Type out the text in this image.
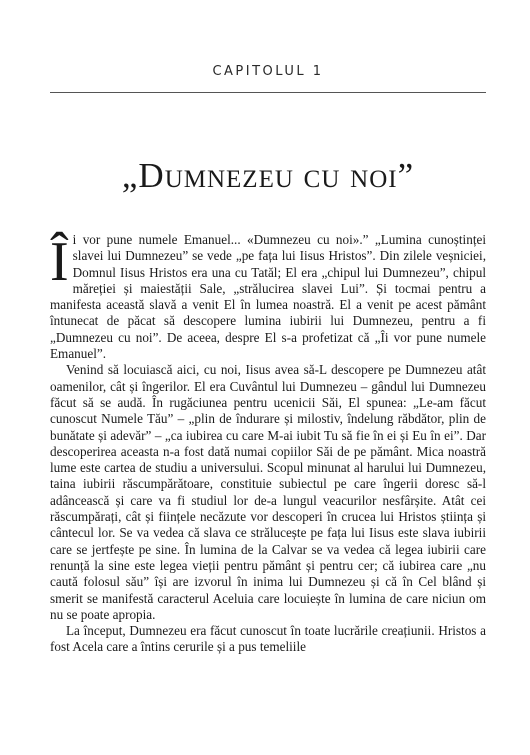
CAPITOLUL 1
„Dumnezeu cu noi”

Îi vor pune numele Emanuel... «Dumnezeu cu noi».” „Lumina cunoștinței slavei lui Dumnezeu” se vede „pe fața lui Iisus Hristos”. Din zilele veșniciei, Domnul Iisus Hristos era una cu Tatăl; El era „chipul lui Dumnezeu”, chipul măreției și maiestății Sale, „strălucirea slavei Lui”. Și tocmai pentru a manifesta această slavă a venit El în lumea noastră. El a venit pe acest pământ întunecat de păcat să descopere lumina iubirii lui Dumnezeu, pentru a fi „Dumnezeu cu noi”. De aceea, despre El s-a profetizat că „Îi vor pune numele Emanuel”.

Venind să locuiască aici, cu noi, Iisus avea să-L descopere pe Dumnezeu atât oamenilor, cât și îngerilor. El era Cuvântul lui Dumnezeu – gândul lui Dumnezeu făcut să se audă. În rugăciunea pentru ucenicii Săi, El spunea: „Le-am făcut cunoscut Numele Tău” – „plin de îndurare și milostiv, îndelung răbdător, plin de bunătate și adevăr” – „ca iubirea cu care M-ai iubit Tu să fie în ei și Eu în ei”. Dar descoperirea aceasta n-a fost dată numai copiilor Săi de pe pământ. Mica noastră lume este cartea de studiu a universului. Scopul minunat al harului lui Dumnezeu, taina iubirii răscumpărătoare, constituie subiectul pe care îngerii doresc să-l adâncească și care va fi studiul lor de-a lungul veacurilor nesfârșite. Atât cei răscumpărați, cât și ființele necăzute vor descoperi în crucea lui Hristos știința și cântecul lor. Se va vedea că slava ce strălucește pe fața lui Iisus este slava iubirii care se jertfește pe sine. În lumina de la Calvar se va vedea că legea iubirii care renunță la sine este legea vieții pentru pământ și pentru cer; că iubirea care „nu caută folosul său” își are izvorul în inima lui Dumnezeu și că în Cel blând și smerit se manifestă caracterul Aceluia care locuiește în lumina de care niciun om nu se poate apropia.

La început, Dumnezeu era făcut cunoscut în toate lucrările creațiunii. Hristos a fost Acela care a întins cerurile și a pus temeliile
